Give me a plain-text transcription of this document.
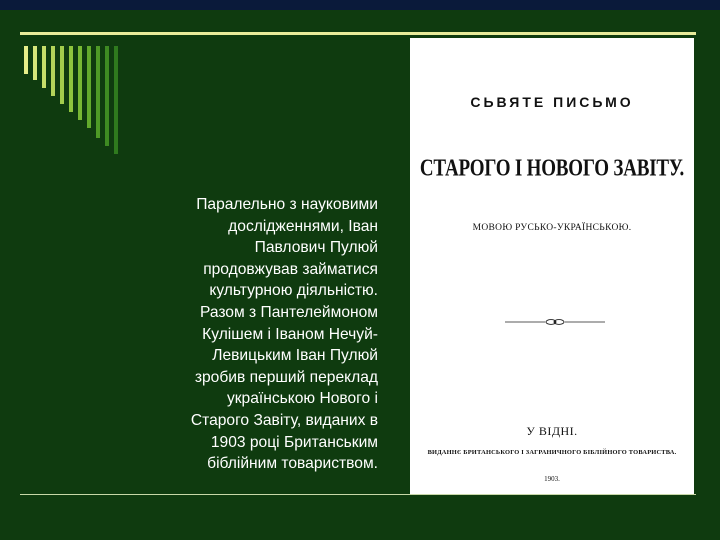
Паралельно з науковими
дослідженнями, Іван
Павлович Пулюй
продовжував займатися
культурною діяльністю.
Разом з Пантелеймоном
Кулішем і Іваном Нечуй-
Левицьким Іван Пулюй
зробив перший переклад
українською Нового і
Старого Завіту, виданих в
1903 році Британським
біблійним товариством.
СЬВЯТЕ ПИСЬМО
СТАРОГО І НОВОГО ЗАВІТУ.
МОВОЮ РУСЬКО-УКРАЇНСЬКОЮ.
У ВІДНІ.
ВИДАННЄ БРИТАНСЬКОГО І ЗАГРАНИЧНОГО БІБЛІЙНОГО ТОВАРИСТВА.
1903.
